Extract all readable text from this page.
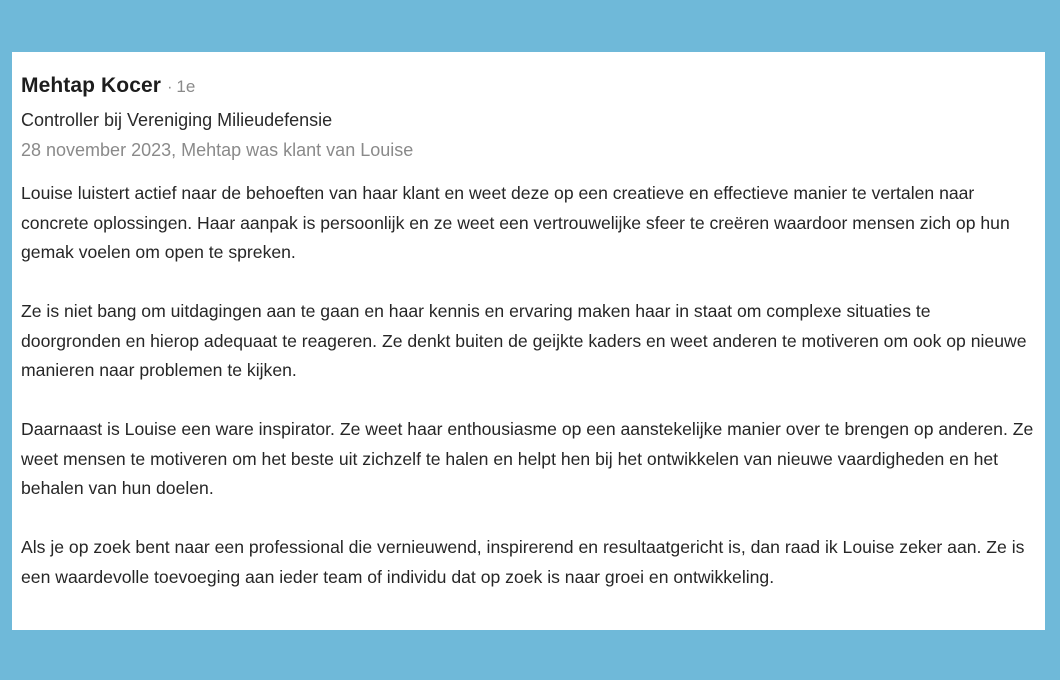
Mehtap Kocer · 1e
Controller bij Vereniging Milieudefensie
28 november 2023, Mehtap was klant van Louise

Louise luistert actief naar de behoeften van haar klant en weet deze op een creatieve en effectieve manier te vertalen naar concrete oplossingen. Haar aanpak is persoonlijk en ze weet een vertrouwelijke sfeer te creëren waardoor mensen zich op hun gemak voelen om open te spreken.

Ze is niet bang om uitdagingen aan te gaan en haar kennis en ervaring maken haar in staat om complexe situaties te doorgronden en hierop adequaat te reageren. Ze denkt buiten de geijkte kaders en weet anderen te motiveren om ook op nieuwe manieren naar problemen te kijken.

Daarnaast is Louise een ware inspirator. Ze weet haar enthousiasme op een aanstekelijke manier over te brengen op anderen. Ze weet mensen te motiveren om het beste uit zichzelf te halen en helpt hen bij het ontwikkelen van nieuwe vaardigheden en het behalen van hun doelen.

Als je op zoek bent naar een professional die vernieuwend, inspirerend en resultaatgericht is, dan raad ik Louise zeker aan. Ze is een waardevolle toevoeging aan ieder team of individu dat op zoek is naar groei en ontwikkeling.
